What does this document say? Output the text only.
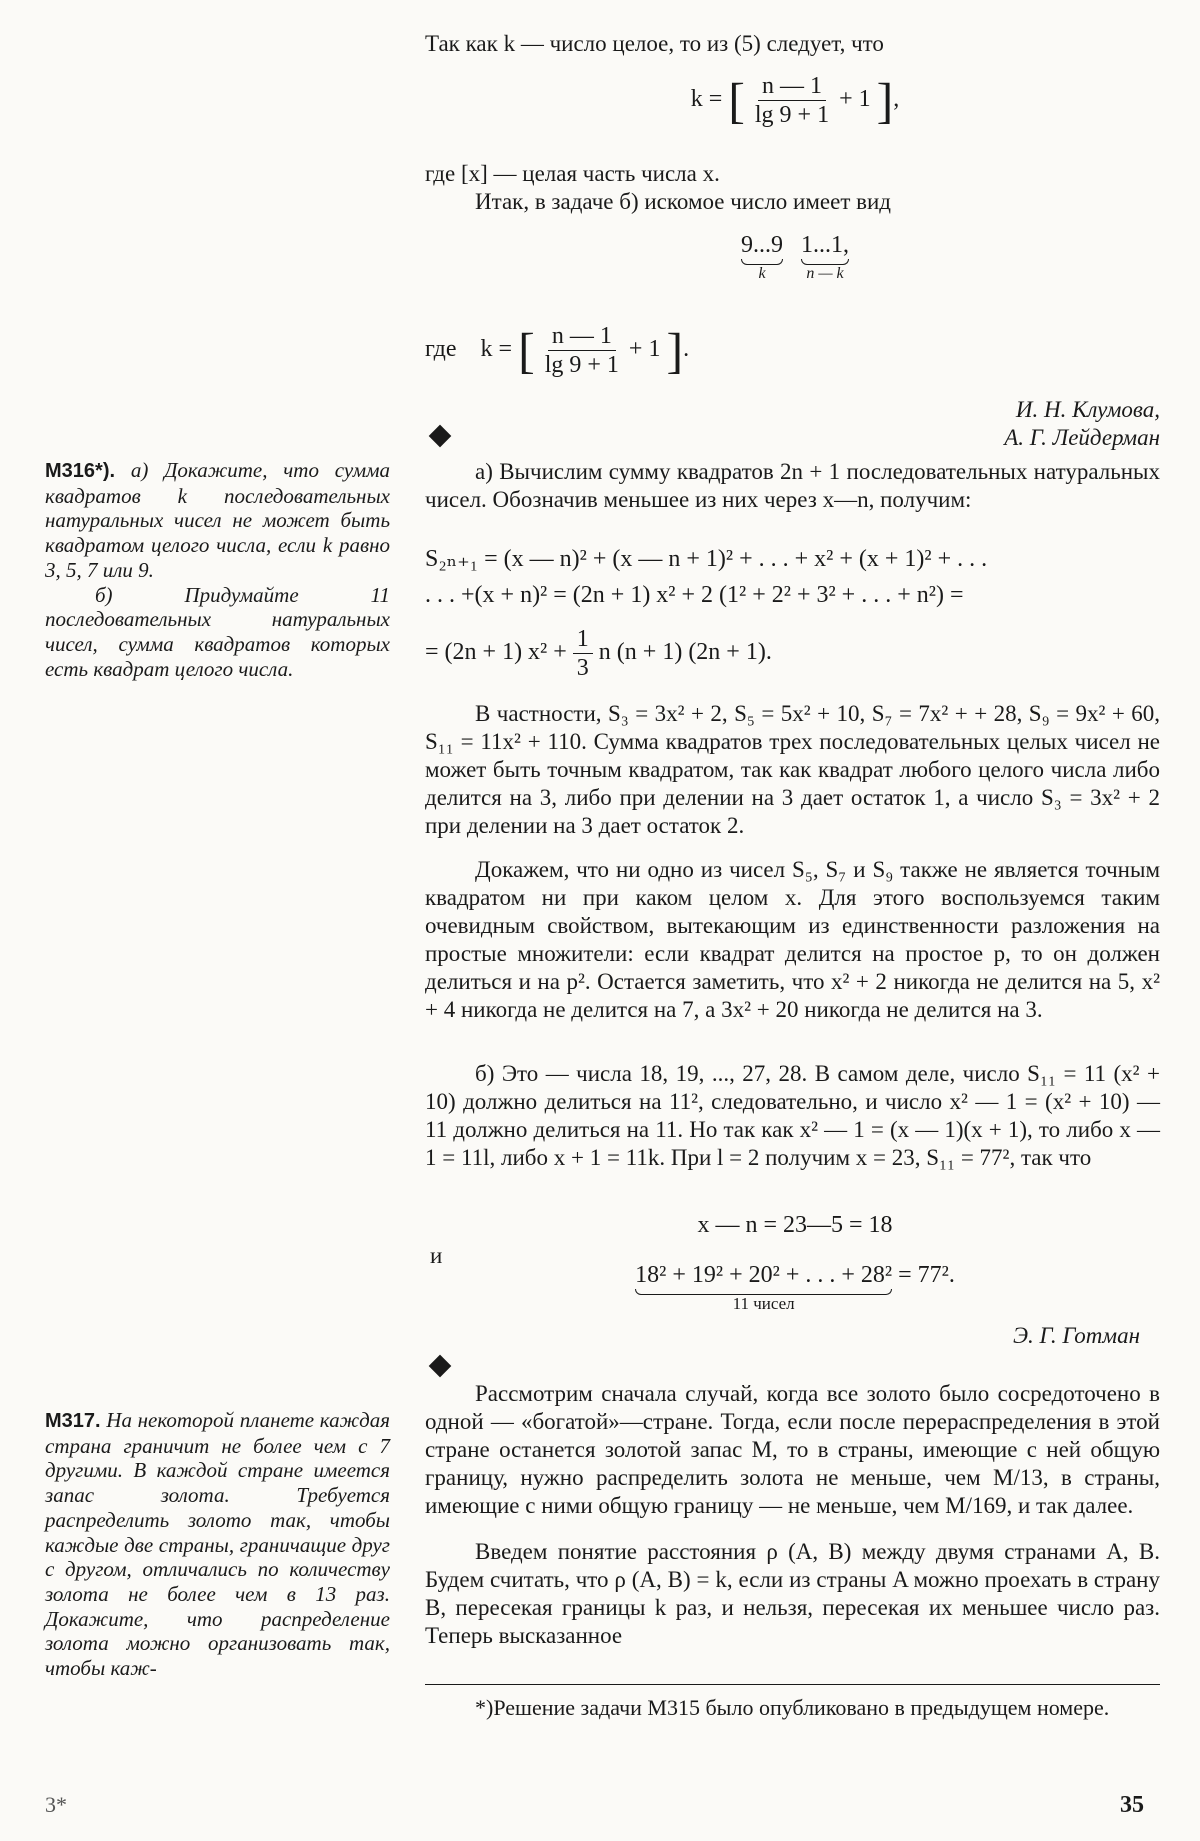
Так как k — число целое, то из (5) следует, что
k = [ $\frac{n — 1}{\lg 9 + 1} + 1$ ],
где [x] — целая часть числа x.
Итак, в задаче б) искомое число имеет вид
9...9
k

1...1,
n — k
где k = [ $\frac{n — 1}{\lg 9 + 1} + 1$ ].
И. Н. Клумова,
А. Г. Лейдерман
М316*). а) Докажите, что сумма квадратов k последовательных натуральных чисел не может быть квадратом целого числа, если k равно 3, 5, 7 или 9.
б) Придумайте 11 последовательных натуральных чисел, сумма квадратов которых есть квадрат целого числа.
а) Вычислим сумму квадратов 2n + 1 последовательных натуральных чисел. Обозначив меньшее из них через x—n, получим:
S₂ₙ₊₁ = (x — n)² + (x — n + 1)² + . . . + x² + (x + 1)² + . . .
. . . +(x + n)² = (2n + 1) x² + 2 (1² + 2² + 3² + . . . + n²) =
= (2n + 1) $x^2 + \frac{1}{3}$ n (n + 1) (2n + 1).
В частности, S₃ = 3x² + 2, S₅ = 5x² + 10, S₇ = 7x² + + 28, S₉ = 9x² + 60, S₁₁ = 11x² + 110. Сумма квадратов трех последовательных целых чисел не может быть точным квадратом, так как квадрат любого целого числа либо делится на 3, либо при делении на 3 дает остаток 1, а число S₃ = 3x² + 2 при делении на 3 дает остаток 2.
Докажем, что ни одно из чисел S₅, S₇ и S₉ также не является точным квадратом ни при каком целом x. Для этого воспользуемся таким очевидным свойством, вытекающим из единственности разложения на простые множители: если квадрат делится на простое p, то он должен делиться и на p². Остается заметить, что x² + 2 никогда не делится на 5, x² + 4 никогда не делится на 7, а 3x² + 20 никогда не делится на 3.
б) Это — числа 18, 19, ..., 27, 28. В самом деле, число S₁₁ = 11 (x² + 10) должно делиться на 11², следовательно, и число x² — 1 = (x² + 10) — 11 должно делиться на 11. Но так как x² — 1 = (x — 1)(x + 1), то либо x — 1 = 11l, либо x + 1 = 11k. При l = 2 получим x = 23, S₁₁ = 77², так что
x — n = 23—5 = 18
и
18² + 19² + 20² + . . . + 28²
11 чисел
= 77².
Э. Г. Готман
М317. На некоторой планете каждая страна граничит не более чем с 7 другими. В каждой стране имеется запас золота. Требуется распределить золото так, чтобы каждые две страны, граничащие друг с другом, отличались по количеству золота не более чем в 13 раз. Докажите, что распределение золота можно организовать так, чтобы каж-
Рассмотрим сначала случай, когда все золото было сосредоточено в одной — «богатой»—стране. Тогда, если после перераспределения в этой стране останется золотой запас M, то в страны, имеющие с ней общую границу, нужно распределить золота не меньше, чем M/13, в страны, имеющие с ними общую границу — не меньше, чем M/169, и так далее.
Введем понятие расстояния ρ (A, B) между двумя странами A, B. Будем считать, что ρ (A, B) = k, если из страны A можно проехать в страну B, пересекая границы k раз, и нельзя, пересекая их меньшее число раз. Теперь высказанное
*)Решение задачи М315 было опубликовано в предыдущем номере.
3*	35
